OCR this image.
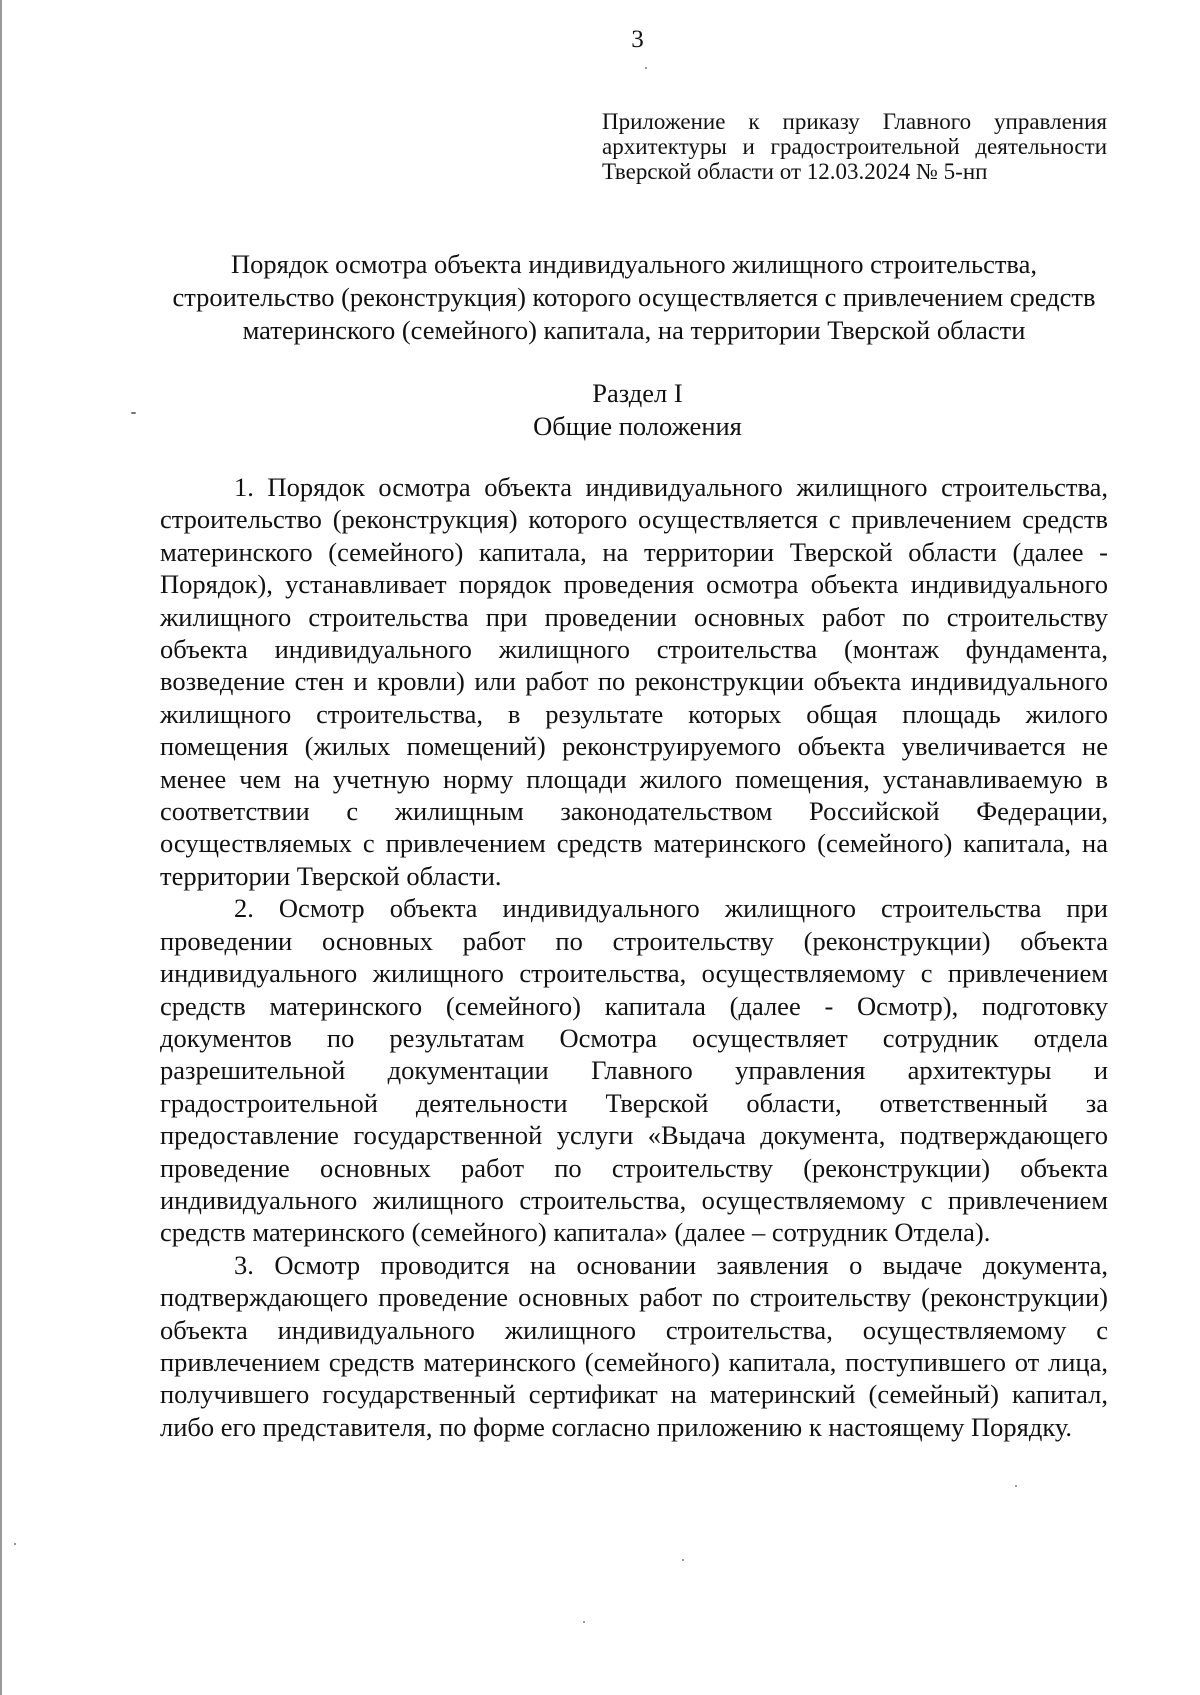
3
Приложение к приказу Главного управления архитектуры и градостроительной деятельности Тверской области от 12.03.2024 № 5-нп
Порядок осмотра объекта индивидуального жилищного строительства, строительство (реконструкция) которого осуществляется с привлечением средств материнского (семейного) капитала, на территории Тверской области
Раздел I
Общие положения

1. Порядок осмотра объекта индивидуального жилищного строительства, строительство (реконструкция) которого осуществляется с привлечением средств материнского (семейного) капитала, на территории Тверской области (далее - Порядок), устанавливает порядок проведения осмотра объекта индивидуального жилищного строительства при проведении основных работ по строительству объекта индивидуального жилищного строительства (монтаж фундамента, возведение стен и кровли) или работ по реконструкции объекта индивидуального жилищного строительства, в результате которых общая площадь жилого помещения (жилых помещений) реконструируемого объекта увеличивается не менее чем на учетную норму площади жилого помещения, устанавливаемую в соответствии с жилищным законодательством Российской Федерации, осуществляемых с привлечением средств материнского (семейного) капитала, на территории Тверской области.

2. Осмотр объекта индивидуального жилищного строительства при проведении основных работ по строительству (реконструкции) объекта индивидуального жилищного строительства, осуществляемому с привлечением средств материнского (семейного) капитала (далее - Осмотр), подготовку документов по результатам Осмотра осуществляет сотрудник отдела разрешительной документации Главного управления архитектуры и градостроительной деятельности Тверской области, ответственный за предоставление государственной услуги «Выдача документа, подтверждающего проведение основных работ по строительству (реконструкции) объекта индивидуального жилищного строительства, осуществляемому с привлечением средств материнского (семейного) капитала» (далее – сотрудник Отдела).

3. Осмотр проводится на основании заявления о выдаче документа, подтверждающего проведение основных работ по строительству (реконструкции) объекта индивидуального жилищного строительства, осуществляемому с привлечением средств материнского (семейного) капитала, поступившего от лица, получившего государственный сертификат на материнский (семейный) капитал, либо его представителя, по форме согласно приложению к настоящему Порядку.
